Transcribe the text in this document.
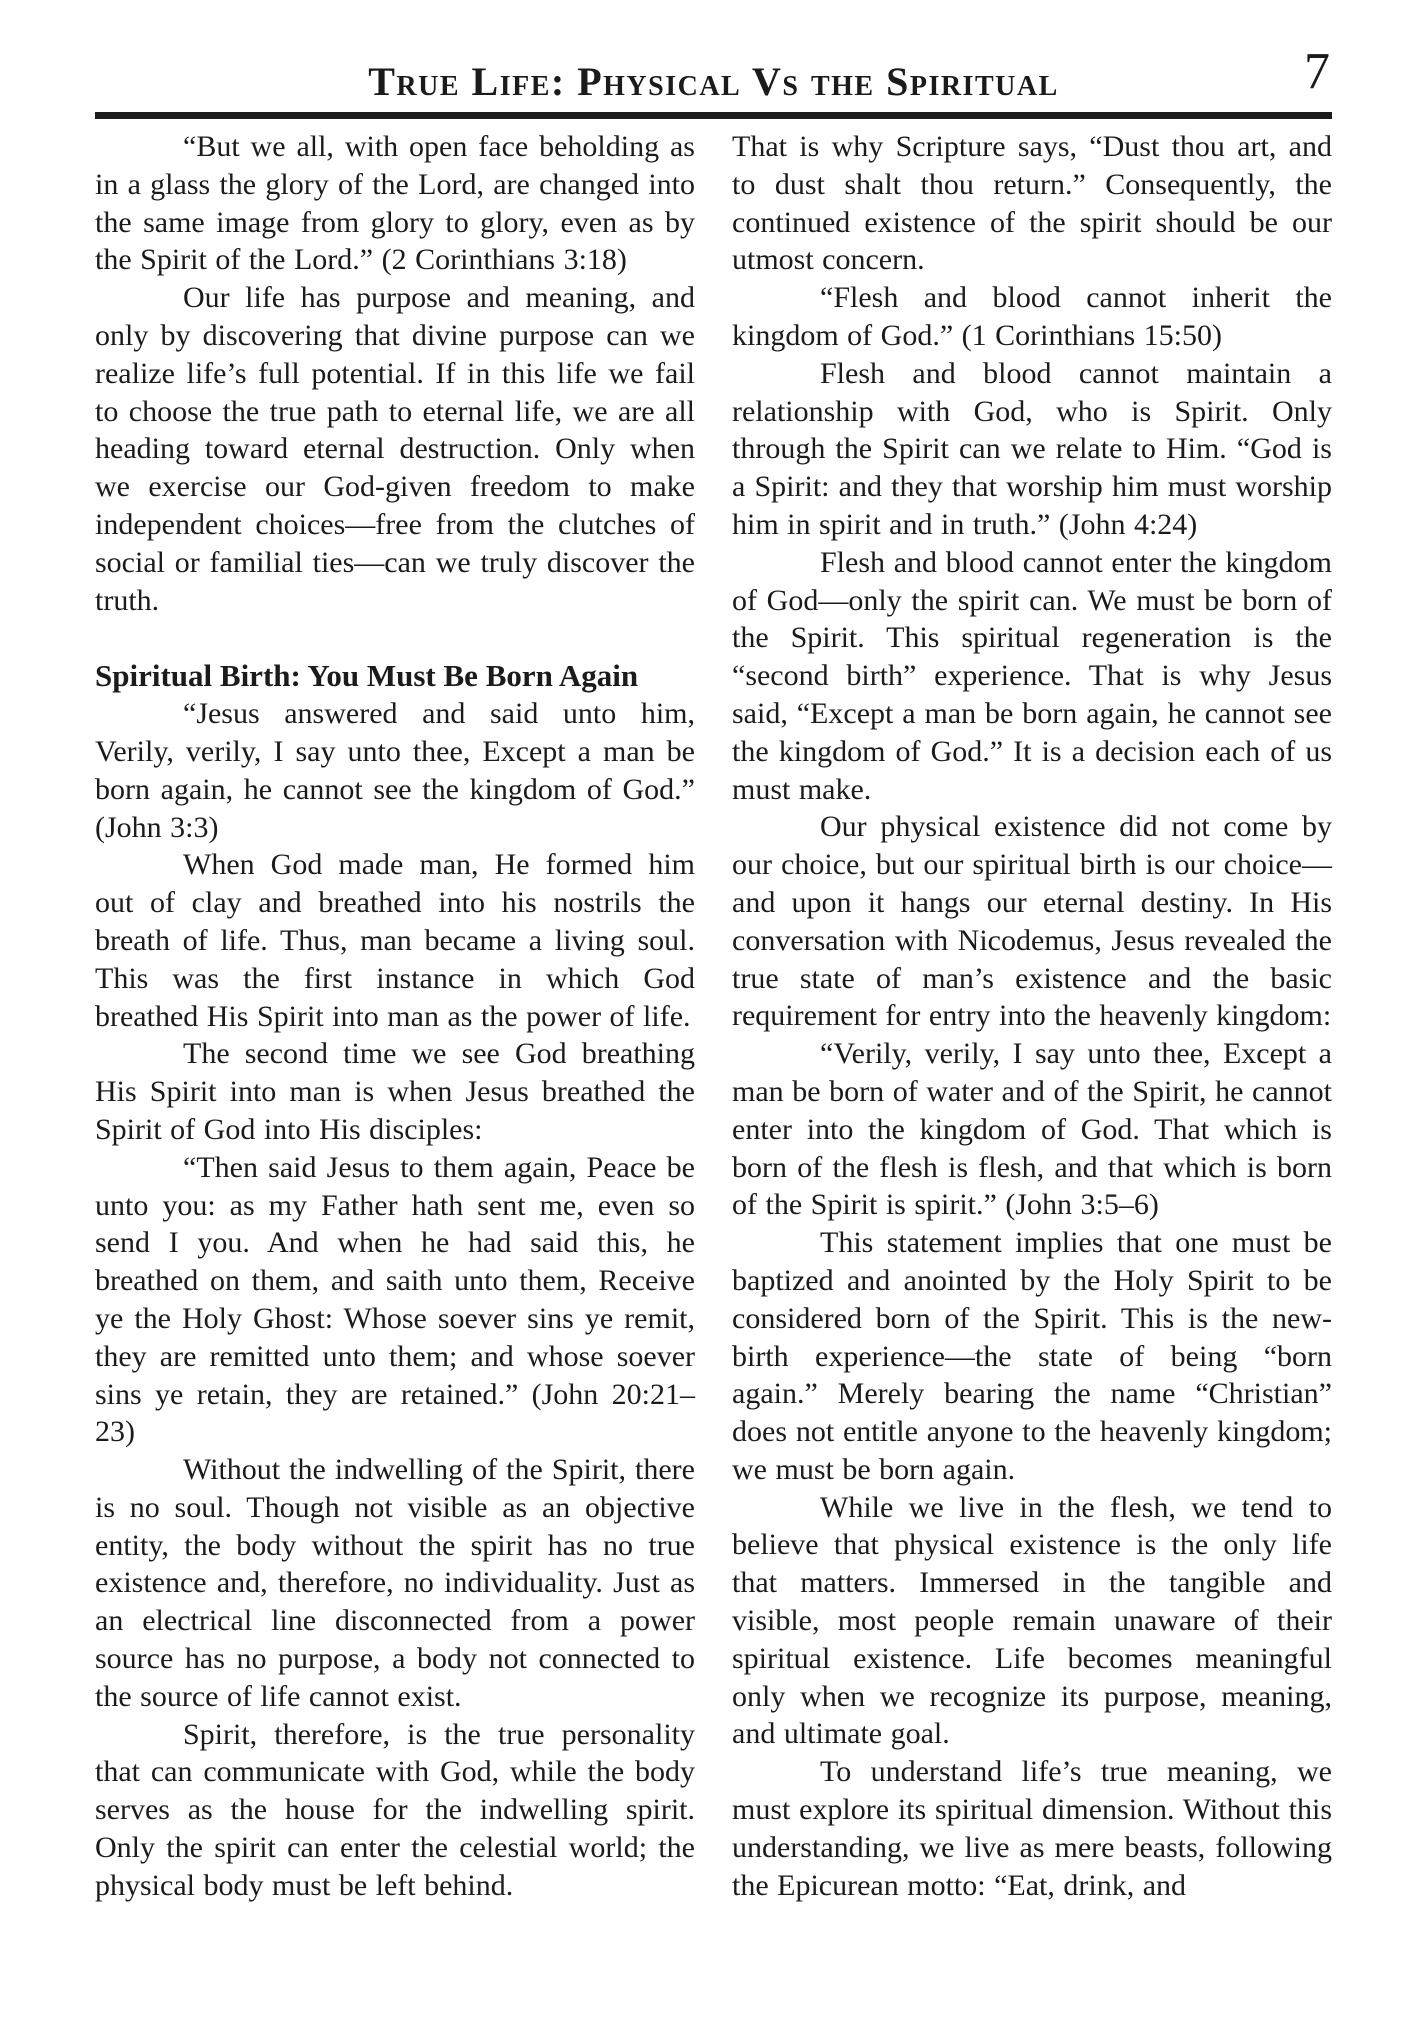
True Life: Physical Vs the Spiritual	7

“But we all, with open face beholding as in a glass the glory of the Lord, are changed into the same image from glory to glory, even as by the Spirit of the Lord.” (2 Corinthians 3:18)

Our life has purpose and meaning, and only by discovering that divine purpose can we realize life’s full potential. If in this life we fail to choose the true path to eternal life, we are all heading toward eternal destruction. Only when we exercise our God-given freedom to make independent choices—free from the clutches of social or familial ties—can we truly discover the truth.

Spiritual Birth: You Must Be Born Again

“Jesus answered and said unto him, Verily, verily, I say unto thee, Except a man be born again, he cannot see the kingdom of God.” (John 3:3)

When God made man, He formed him out of clay and breathed into his nostrils the breath of life. Thus, man became a living soul. This was the first instance in which God breathed His Spirit into man as the power of life.

The second time we see God breathing His Spirit into man is when Jesus breathed the Spirit of God into His disciples:

“Then said Jesus to them again, Peace be unto you: as my Father hath sent me, even so send I you. And when he had said this, he breathed on them, and saith unto them, Receive ye the Holy Ghost: Whose soever sins ye remit, they are remitted unto them; and whose soever sins ye retain, they are retained.” (John 20:21–23)

Without the indwelling of the Spirit, there is no soul. Though not visible as an objective entity, the body without the spirit has no true existence and, therefore, no individuality. Just as an electrical line disconnected from a power source has no purpose, a body not connected to the source of life cannot exist.

Spirit, therefore, is the true personality that can communicate with God, while the body serves as the house for the indwelling spirit. Only the spirit can enter the celestial world; the physical body must be left behind.

That is why Scripture says, “Dust thou art, and to dust shalt thou return.” Consequently, the continued existence of the spirit should be our utmost concern.

“Flesh and blood cannot inherit the kingdom of God.” (1 Corinthians 15:50)

Flesh and blood cannot maintain a relationship with God, who is Spirit. Only through the Spirit can we relate to Him. “God is a Spirit: and they that worship him must worship him in spirit and in truth.” (John 4:24)

Flesh and blood cannot enter the kingdom of God—only the spirit can. We must be born of the Spirit. This spiritual regeneration is the “second birth” experience. That is why Jesus said, “Except a man be born again, he cannot see the kingdom of God.” It is a decision each of us must make.

Our physical existence did not come by our choice, but our spiritual birth is our choice—and upon it hangs our eternal destiny. In His conversation with Nicodemus, Jesus revealed the true state of man’s existence and the basic requirement for entry into the heavenly kingdom:

“Verily, verily, I say unto thee, Except a man be born of water and of the Spirit, he cannot enter into the kingdom of God. That which is born of the flesh is flesh, and that which is born of the Spirit is spirit.” (John 3:5–6)

This statement implies that one must be baptized and anointed by the Holy Spirit to be considered born of the Spirit. This is the new-birth experience—the state of being “born again.” Merely bearing the name “Christian” does not entitle anyone to the heavenly kingdom; we must be born again.

While we live in the flesh, we tend to believe that physical existence is the only life that matters. Immersed in the tangible and visible, most people remain unaware of their spiritual existence. Life becomes meaningful only when we recognize its purpose, meaning, and ultimate goal.

To understand life’s true meaning, we must explore its spiritual dimension. Without this understanding, we live as mere beasts, following the Epicurean motto: “Eat, drink, and
